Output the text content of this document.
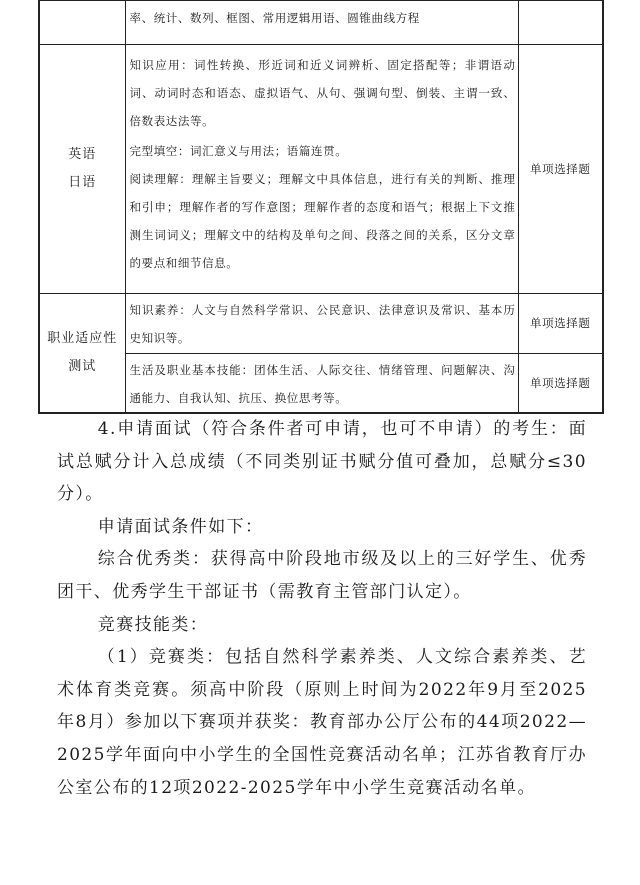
	率、统计、数列、框图、常用逻辑用语、圆锥曲线方程	

英语
日语	知识应用：词性转换、形近词和近义词辨析、固定搭配等；非谓语动词、动词时态和语态、虚拟语气、从句、强调句型、倒装、主谓一致、倍数表达法等。	单项选择题

	完型填空：词汇意义与用法；语篇连贯。

阅读理解：理解主旨要义；理解文中具体信息，进行有关的判断、推理和引申；理解作者的写作意图；理解作者的态度和语气；根据上下文推测生词词义；理解文中的结构及单句之间、段落之间的关系，区分文章的要点和细节信息。	

职业适应性
测试	知识素养：人文与自然科学常识、公民意识、法律意识及常识、基本历史知识等。	单项选择题

	生活及职业基本技能：团体生活、人际交往、情绪管理、问题解决、沟通能力、自我认知、抗压、换位思考等。	单项选择题

4.申请面试（符合条件者可申请，也可不申请）的考生：面试总赋分计入总成绩（不同类别证书赋分值可叠加，总赋分≤30分）。

申请面试条件如下：

综合优秀类：获得高中阶段地市级及以上的三好学生、优秀团干、优秀学生干部证书（需教育主管部门认定）。

竞赛技能类：

（1）竞赛类：包括自然科学素养类、人文综合素养类、艺术体育类竞赛。须高中阶段（原则上时间为2022年9月至2025年8月）参加以下赛项并获奖：教育部办公厅公布的44项2022—2025学年面向中小学生的全国性竞赛活动名单；江苏省教育厅办公室公布的12项2022-2025学年中小学生竞赛活动名单。
